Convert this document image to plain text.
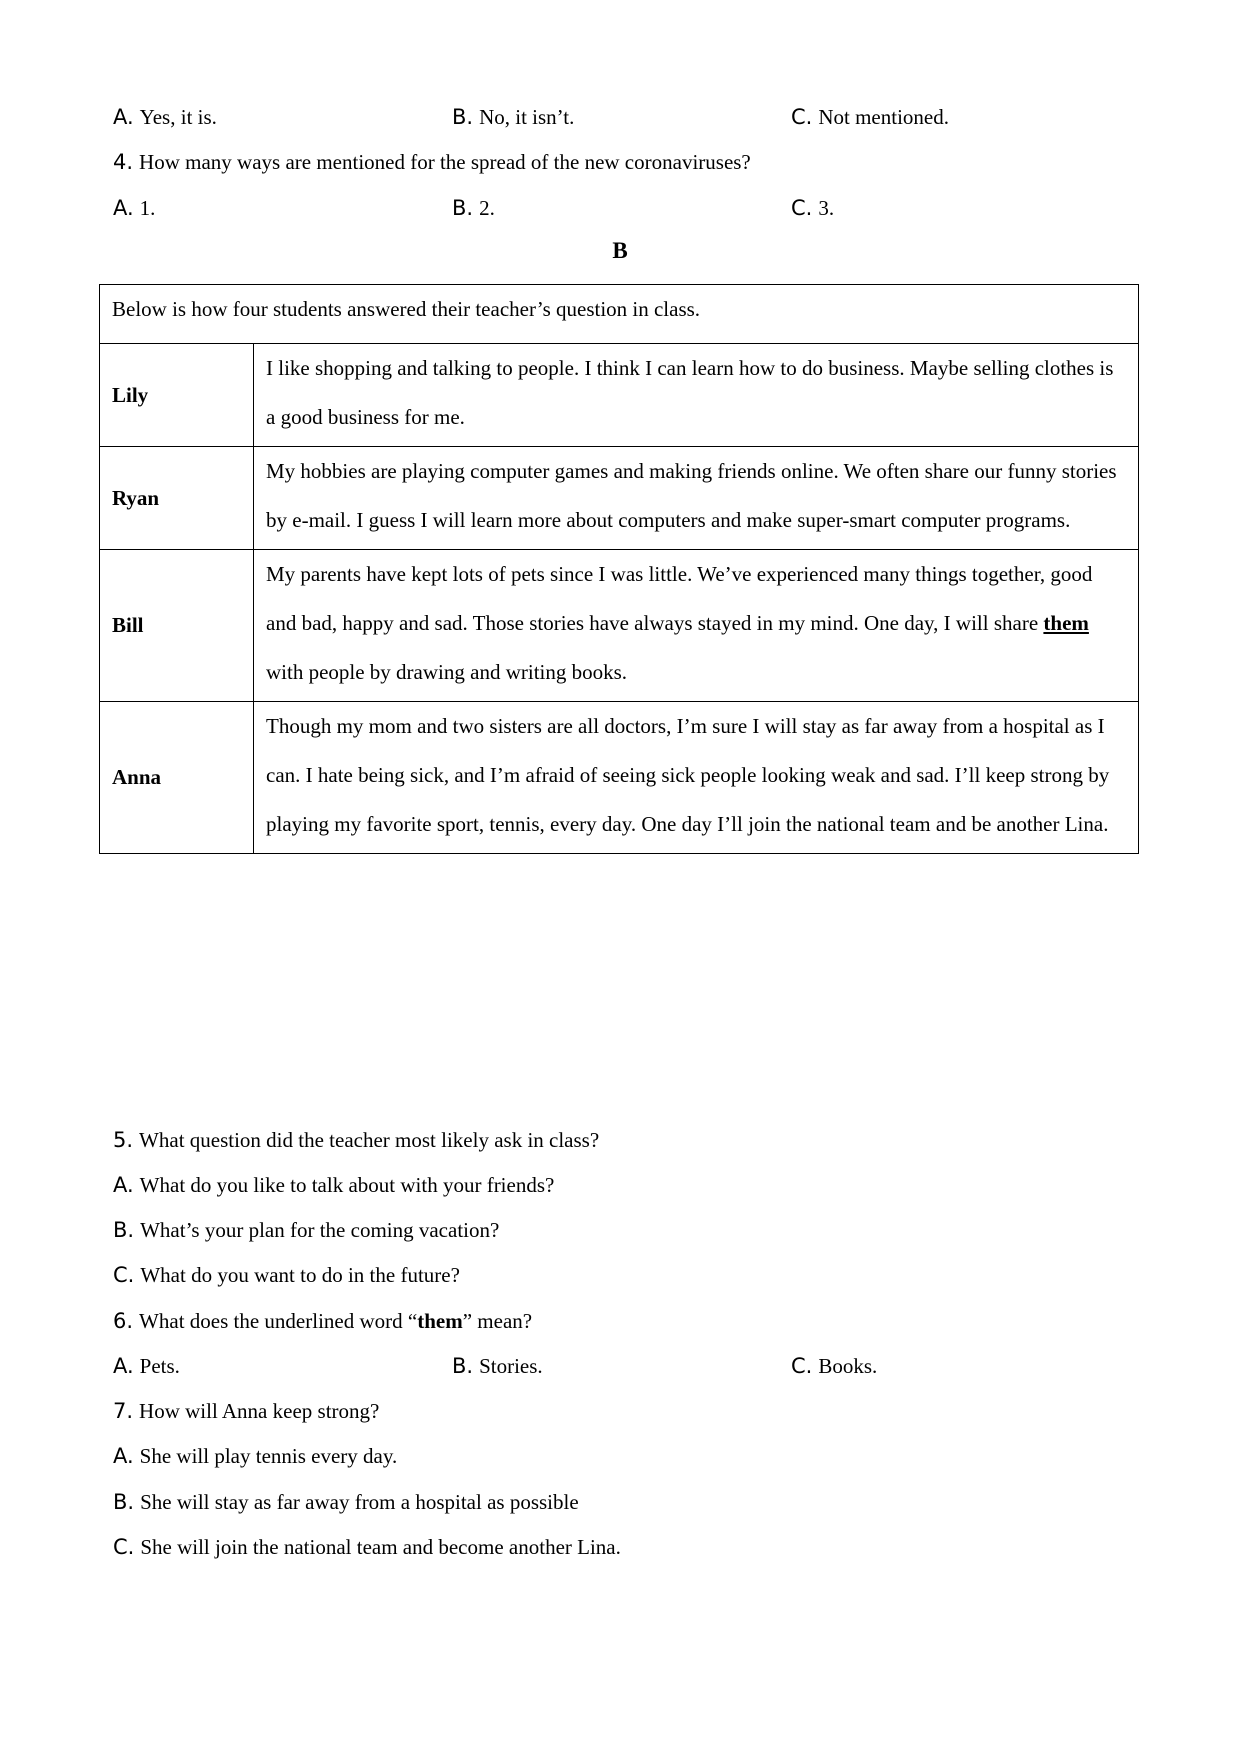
A. Yes, it is.	B. No, it isn’t.	C. Not mentioned.
4. How many ways are mentioned for the spread of the new coronaviruses?
A. 1.	B. 2.	C. 3.
B
Below is how four students answered their teacher’s question in class.	
Lily	I like shopping and talking to people. I think I can learn how to do business. Maybe selling clothes is a good business for me.
Ryan	My hobbies are playing computer games and making friends online. We often share our funny stories by e-mail. I guess I will learn more about computers and make super-smart computer programs.
Bill	My parents have kept lots of pets since I was little. We’ve experienced many things together, good and bad, happy and sad. Those stories have always stayed in my mind. One day, I will share them with people by drawing and writing books.
Anna	Though my mom and two sisters are all doctors, I’m sure I will stay as far away from a hospital as I can. I hate being sick, and I’m afraid of seeing sick people looking weak and sad. I’ll keep strong by playing my favorite sport, tennis, every day. One day I’ll join the national team and be another Lina.
5. What question did the teacher most likely ask in class?
A. What do you like to talk about with your friends?
B. What’s your plan for the coming vacation?
C. What do you want to do in the future?
6. What does the underlined word “them” mean?
A. Pets.	B. Stories.	C. Books.
7. How will Anna keep strong?
A. She will play tennis every day.
B. She will stay as far away from a hospital as possible
C. She will join the national team and become another Lina.
